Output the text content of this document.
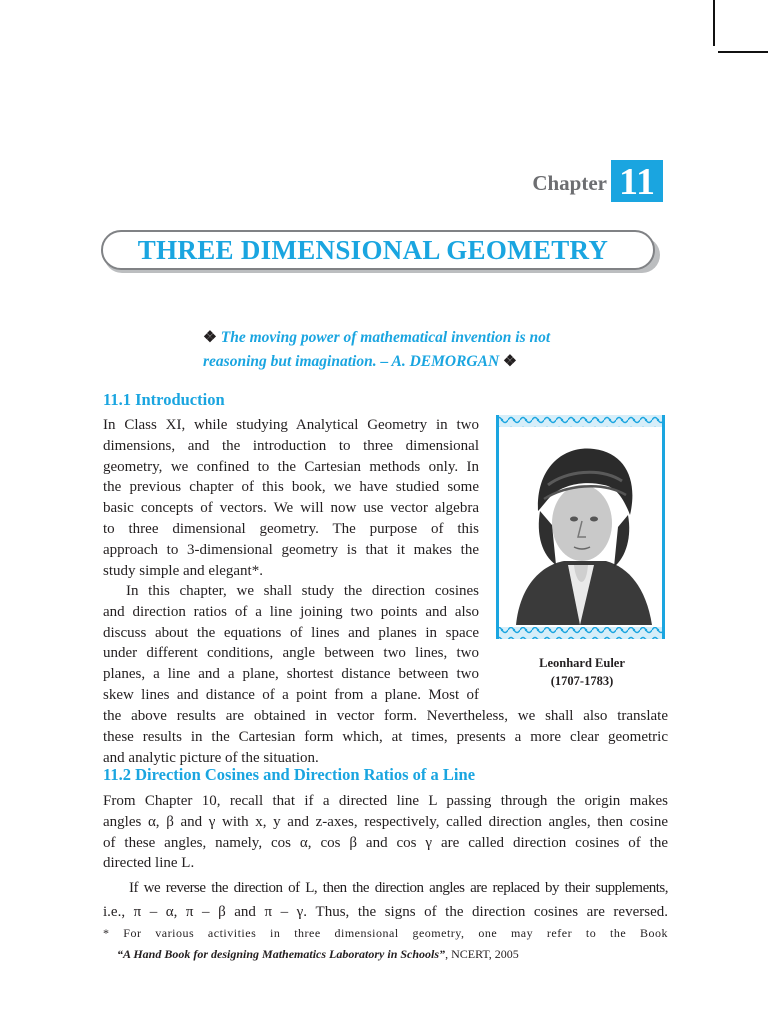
Chapter 11
THREE DIMENSIONAL GEOMETRY
❖ The moving power of mathematical invention is not
reasoning but imagination. – A. DEMORGAN ❖
11.1 Introduction
In Class XI, while studying Analytical Geometry in two
dimensions, and the introduction to three dimensional
geometry, we confined to the Cartesian methods only. In
the previous chapter of this book, we have studied some
basic concepts of vectors. We will now use vector algebra
to three dimensional geometry. The purpose of this
approach to 3-dimensional geometry is that it makes the
study simple and elegant*.
In this chapter, we shall study the direction cosines
and direction ratios of a line joining two points and also
discuss about the equations of lines and planes in space
under different conditions, angle between two lines, two
planes, a line and a plane, shortest distance between two
skew lines and distance of a point from a plane. Most of
the above results are obtained in vector form. Nevertheless, we shall also translate
these results in the Cartesian form which, at times, presents a more clear geometric
and analytic picture of the situation.
Leonhard Euler
(1707-1783)
11.2 Direction Cosines and Direction Ratios of a Line
From Chapter 10, recall that if a directed line L passing through the origin makes
angles α, β and γ with x, y and z-axes, respectively, called direction angles, then cosine
of these angles, namely, cos α, cos β and cos γ are called direction cosines of the
directed line L.
If we reverse the direction of L, then the direction angles are replaced by their supplements,
i.e., π – α, π – β and π – γ. Thus, the signs of the direction cosines are reversed.
* For various activities in three dimensional geometry, one may refer to the Book
“A Hand Book for designing Mathematics Laboratory in Schools”, NCERT, 2005
